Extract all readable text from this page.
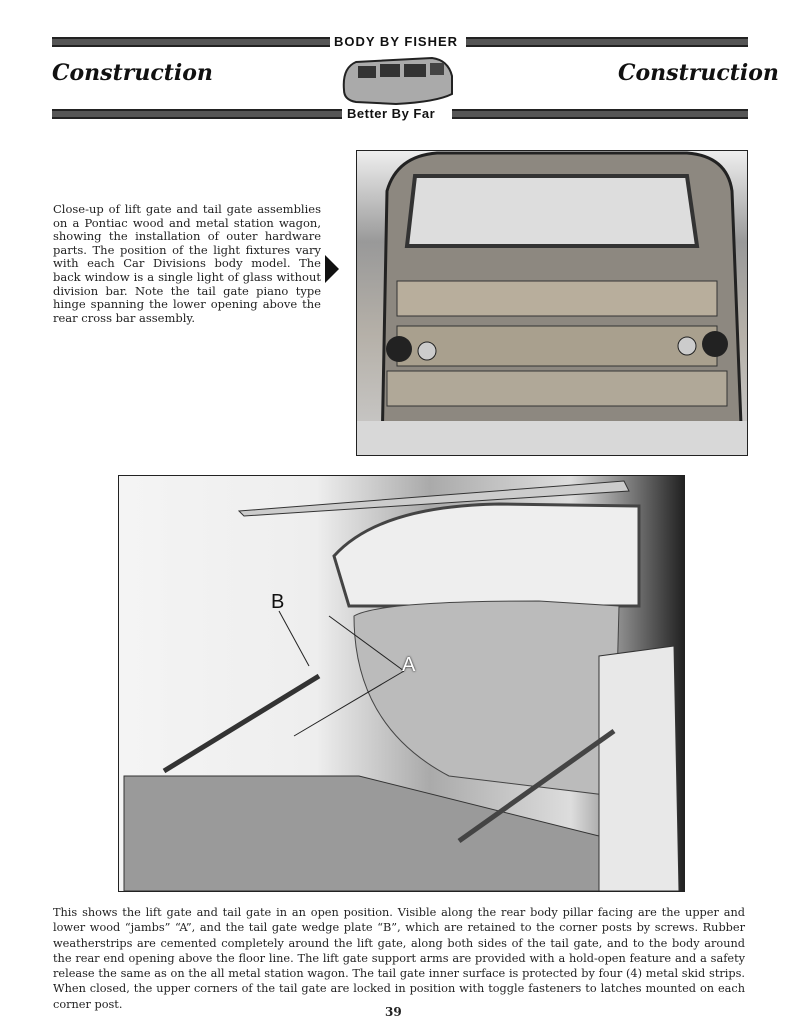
BODY BY FISHER
Construction	Construction
Better By Far
Close-up of lift gate and tail gate assemblies on a Pontiac wood and metal station wagon, showing the installation of outer hardware parts. The position of the light fixtures vary with each Car Divisions body model. The back window is a single light of glass without division bar. Note the tail gate piano type hinge spanning the lower opening above the rear cross bar assembly.
B
A
This shows the lift gate and tail gate in an open position. Visible along the rear body pillar facing are the upper and lower wood “jambs” “A”, and the tail gate wedge plate “B”, which are retained to the corner posts by screws. Rubber weatherstrips are cemented completely around the lift gate, along both sides of the tail gate, and to the body around the rear end opening above the floor line. The lift gate support arms are provided with a hold-open feature and a safety release the same as on the all metal station wagon. The tail gate inner surface is protected by four (4) metal skid strips. When closed, the upper corners of the tail gate are locked in position with toggle fasteners to latches mounted on each corner post.
39
